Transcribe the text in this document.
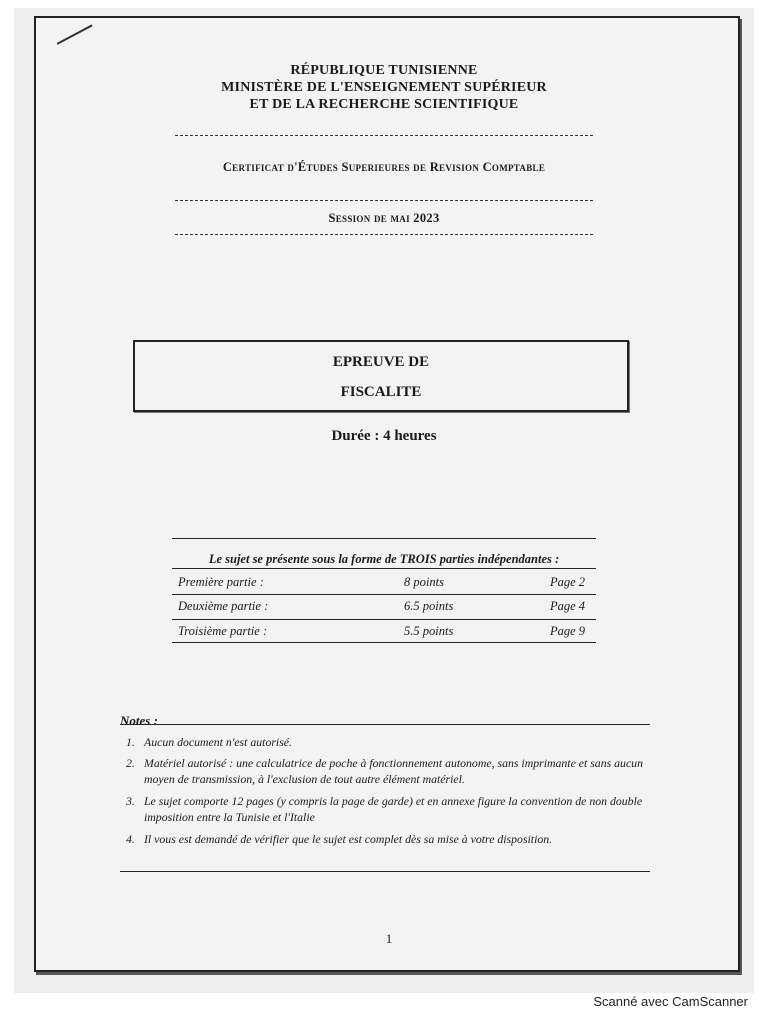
RÉPUBLIQUE TUNISIENNE
MINISTÈRE DE L'ENSEIGNEMENT SUPÉRIEUR
ET DE LA RECHERCHE SCIENTIFIQUE
Certificat d'Études Superieures de Revision Comptable
Session de mai 2023
EPREUVE DE
FISCALITE
Durée : 4 heures
Le sujet se présente sous la forme de TROIS parties indépendantes :
Première partie :	8 points	Page 2
Deuxième partie :	6.5 points	Page 4
Troisième partie :	5.5 points	Page 9
Notes :
1. Aucun document n'est autorisé.
2. Matériel autorisé : une calculatrice de poche à fonctionnement autonome, sans imprimante et sans aucun moyen de transmission, à l'exclusion de tout autre élément matériel.
3. Le sujet comporte 12 pages (y compris la page de garde) et en annexe figure la convention de non double imposition entre la Tunisie et l'Italie
4. Il vous est demandé de vérifier que le sujet est complet dès sa mise à votre disposition.
1
Scanné avec CamScanner
